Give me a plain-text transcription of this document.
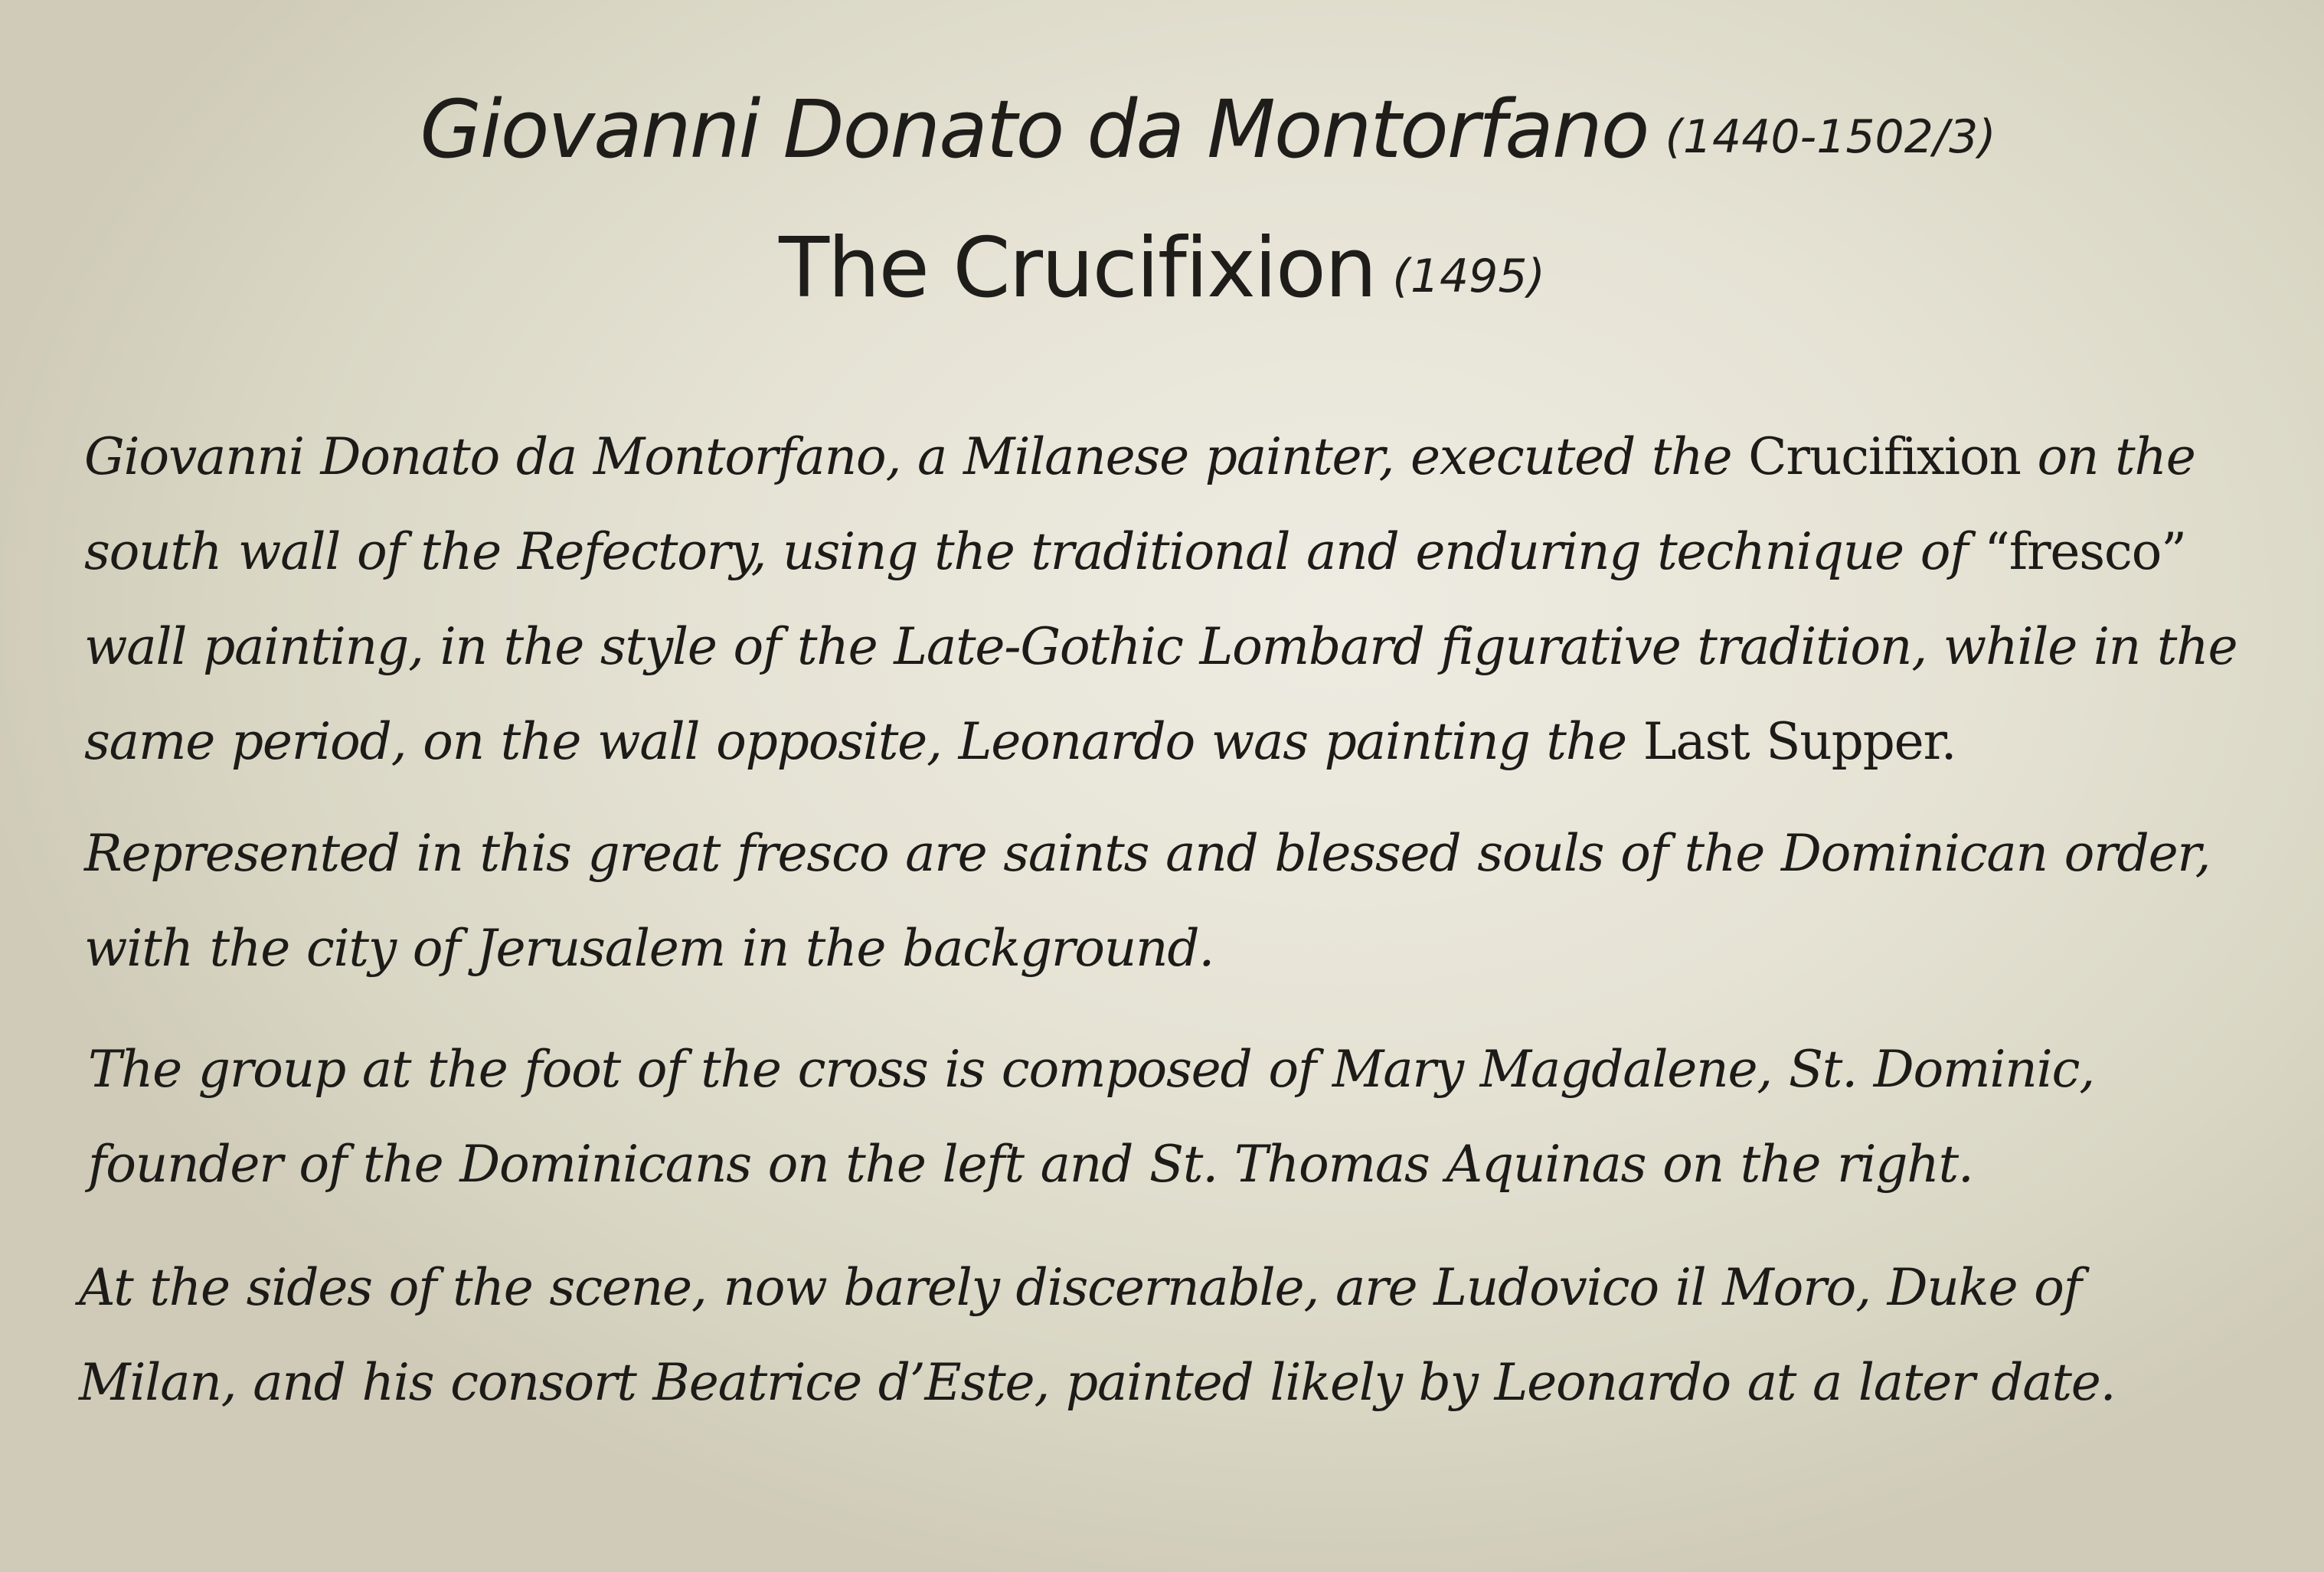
Giovanni Donato da Montorfano (1440-1502/3)
The Crucifixion (1495)
Giovanni Donato da Montorfano, a Milanese painter, executed the Crucifixion on the south wall of the Refectory, using the traditional and enduring technique of “fresco” wall painting, in the style of the Late-Gothic Lombard figurative tradition, while in the same period, on the wall opposite, Leonardo was painting the Last Supper.
Represented in this great fresco are saints and blessed souls of the Dominican order, with the city of Jerusalem in the background.
The group at the foot of the cross is composed of Mary Magdalene, St. Dominic, founder of the Dominicans on the left and St. Thomas Aquinas on the right.
At the sides of the scene, now barely discernable, are Ludovico il Moro, Duke of Milan, and his consort Beatrice d’Este, painted likely by Leonardo at a later date.
